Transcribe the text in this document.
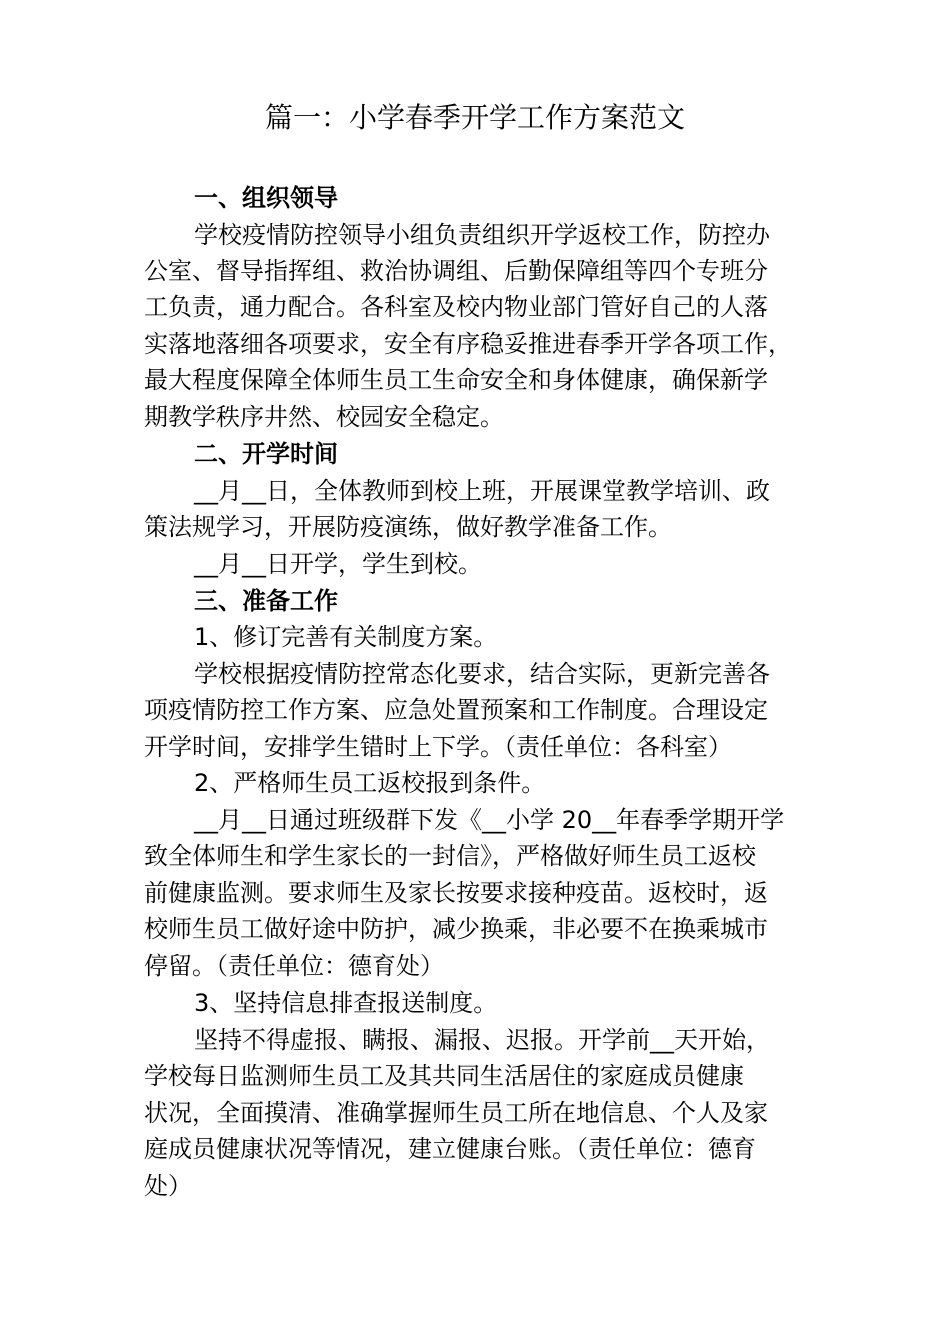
篇一：小学春季开学工作方案范文
一、组织领导
学校疫情防控领导小组负责组织开学返校工作，防控办
公室、督导指挥组、救治协调组、后勤保障组等四个专班分
工负责，通力配合。各科室及校内物业部门管好自己的人落
实落地落细各项要求，安全有序稳妥推进春季开学各项工作，
最大程度保障全体师生员工生命安全和身体健康，确保新学
期教学秩序井然、校园安全稳定。
二、开学时间
__月__日，全体教师到校上班，开展课堂教学培训、政
策法规学习，开展防疫演练，做好教学准备工作。
__月__日开学，学生到校。
三、准备工作
1、修订完善有关制度方案。
学校根据疫情防控常态化要求，结合实际，更新完善各
项疫情防控工作方案、应急处置预案和工作制度。合理设定
开学时间，安排学生错时上下学。（责任单位：各科室）
2、严格师生员工返校报到条件。
__月__日通过班级群下发《__小学 20__年春季学期开学
致全体师生和学生家长的一封信》，严格做好师生员工返校
前健康监测。要求师生及家长按要求接种疫苗。返校时，返
校师生员工做好途中防护，减少换乘，非必要不在换乘城市
停留。（责任单位：德育处）
3、坚持信息排查报送制度。
坚持不得虚报、瞒报、漏报、迟报。开学前__天开始，
学校每日监测师生员工及其共同生活居住的家庭成员健康
状况，全面摸清、准确掌握师生员工所在地信息、个人及家
庭成员健康状况等情况，建立健康台账。（责任单位：德育
处）
